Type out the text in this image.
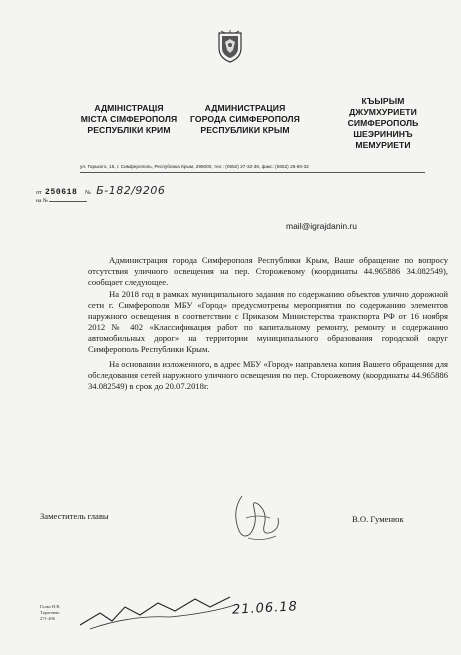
АДМІНІСТРАЦІЯ
МІСТА СІМФЕРОПОЛЯ
РЕСПУБЛІКИ КРИМ
АДМИНИСТРАЦИЯ
ГОРОДА СИМФЕРОПОЛЯ
РЕСПУБЛИКИ КРЫМ
КЪЫРЫМ
ДЖУМХУРИЕТИ
СИМФЕРОПОЛЬ
ШЕЭРИНИНЪ
МЕМУРИЕТИ
ул. Горького, 15, г. Симферополь, Республика Крым, 295000, тел.: (0652) 27-32-36, факс: (0652) 25-80-32
от 250618 № Б-182/9206
на №
mail@igrajdanin.ru
Администрация города Симферополя Республики Крым, Ваше обращение по вопросу отсутствия уличного освещения на пер. Сторожевому (координаты 44.965886 34.082549), сообщает следующее.
На 2018 год в рамках муниципального задания по содержанию объектов улично дорожной сети г. Симферополя МБУ «Город» предусмотрены мероприятия по содержанию элементов наружного освещения в соответствии с Приказом Министерства транспорта РФ от 16 ноября 2012 № 402 «Классификация работ по капитальному ремонту, ремонту и содержанию автомобильных дорог» на территории муниципального образования городской округ Симферополь Республики Крым.
На основании изложенного, в адрес МБУ «Город» направлена копия Вашего обращения для обследования сетей наружного уличного освещения по пер. Сторожевому (координаты 44.965886 34.082549) в срок до 20.07.2018г.
Заместитель главы	В.О. Гуменюк
Голко Н.В.
Тарасенко
271-496
21.06.18
